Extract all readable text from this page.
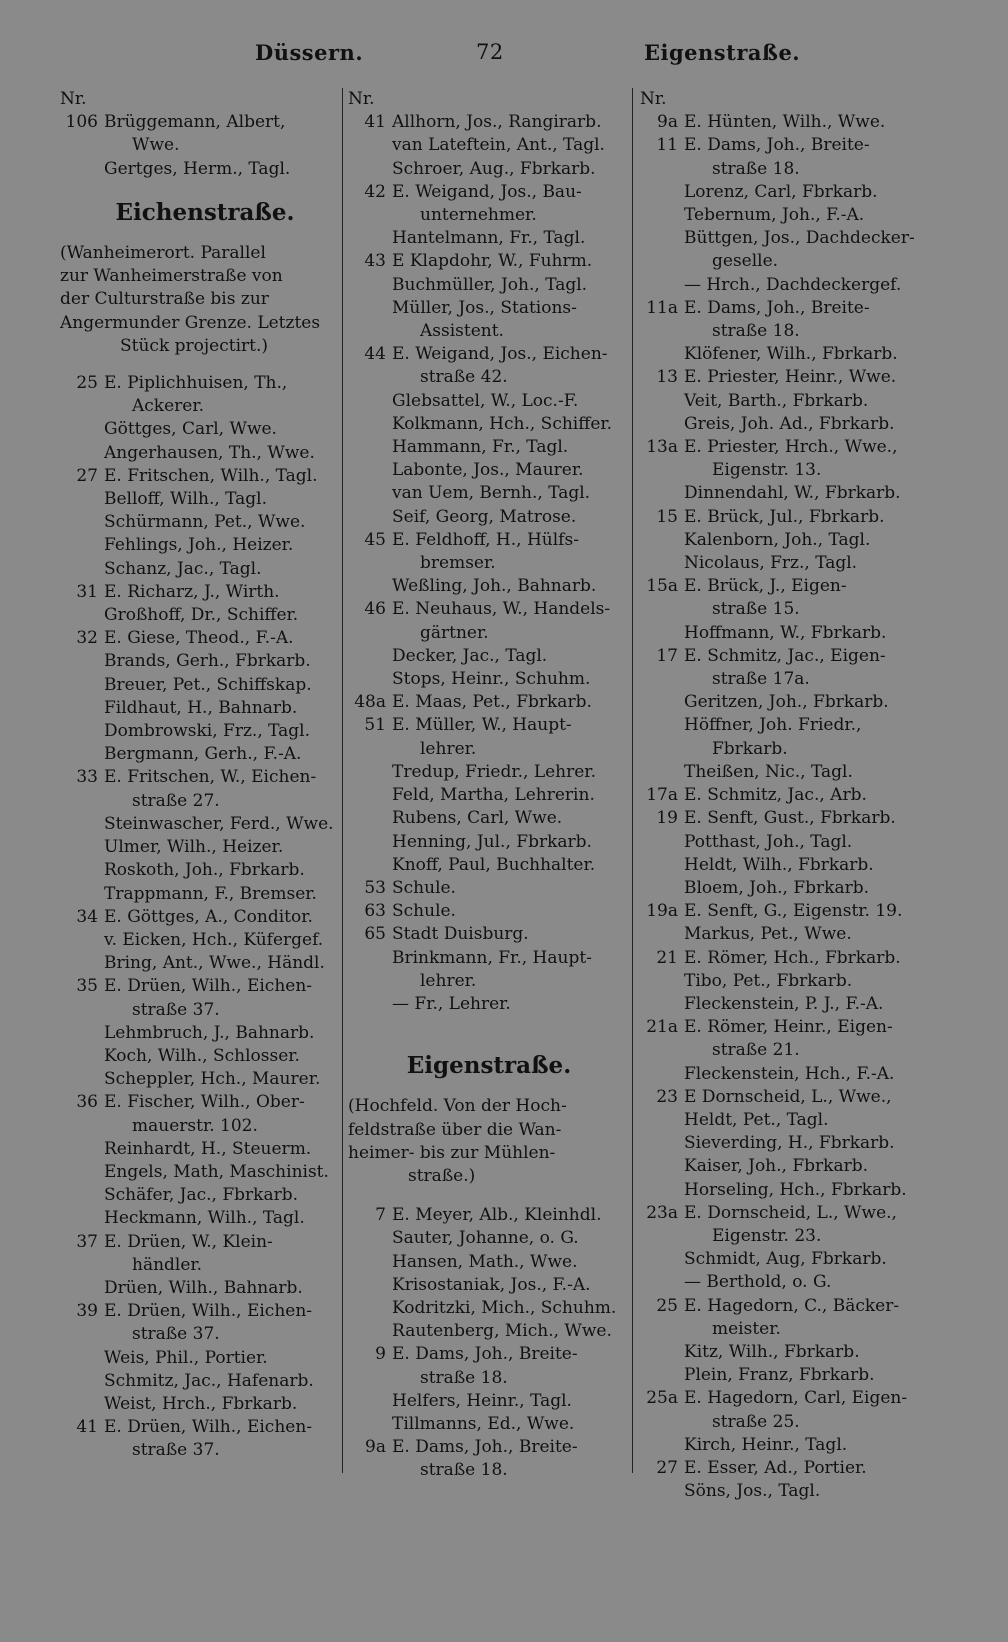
Düssern.	72	Eigenstraße.
Nr.
106 Brüggemann, Albert,
Wwe.
Gertges, Herm., Tagl.
Eichenstraße.
(Wanheimerort. Parallel
zur Wanheimerstraße von
der Culturstraße bis zur
Angermunder Grenze. Letztes
Stück projectirt.)
25 E. Piplichhuisen, Th.,
Ackerer.
Göttges, Carl, Wwe.
Angerhausen, Th., Wwe.
27 E. Fritschen, Wilh., Tagl.
Belloff, Wilh., Tagl.
Schürmann, Pet., Wwe.
Fehlings, Joh., Heizer.
Schanz, Jac., Tagl.
31 E. Richarz, J., Wirth.
Großhoff, Dr., Schiffer.
32 E. Giese, Theod., F.-A.
Brands, Gerh., Fbrkarb.
Breuer, Pet., Schiffskap.
Fildhaut, H., Bahnarb.
Dombrowski, Frz., Tagl.
Bergmann, Gerh., F.-A.
33 E. Fritschen, W., Eichen-
straße 27.
Steinwascher, Ferd., Wwe.
Ulmer, Wilh., Heizer.
Roskoth, Joh., Fbrkarb.
Trappmann, F., Bremser.
34 E. Göttges, A., Conditor.
v. Eicken, Hch., Küfergef.
Bring, Ant., Wwe., Händl.
35 E. Drüen, Wilh., Eichen-
straße 37.
Lehmbruch, J., Bahnarb.
Koch, Wilh., Schlosser.
Scheppler, Hch., Maurer.
36 E. Fischer, Wilh., Ober-
mauerstr. 102.
Reinhardt, H., Steuerm.
Engels, Math, Maschinist.
Schäfer, Jac., Fbrkarb.
Heckmann, Wilh., Tagl.
37 E. Drüen, W., Klein-
händler.
Drüen, Wilh., Bahnarb.
39 E. Drüen, Wilh., Eichen-
straße 37.
Weis, Phil., Portier.
Schmitz, Jac., Hafenarb.
Weist, Hrch., Fbrkarb.
41 E. Drüen, Wilh., Eichen-
straße 37.
Nr.
41 Allhorn, Jos., Rangirarb.
van Lateftein, Ant., Tagl.
Schroer, Aug., Fbrkarb.
42 E. Weigand, Jos., Bau-
unternehmer.
Hantelmann, Fr., Tagl.
43 E Klapdohr, W., Fuhrm.
Buchmüller, Joh., Tagl.
Müller, Jos., Stations-
Assistent.
44 E. Weigand, Jos., Eichen-
straße 42.
Glebsattel, W., Loc.-F.
Kolkmann, Hch., Schiffer.
Hammann, Fr., Tagl.
Labonte, Jos., Maurer.
van Uem, Bernh., Tagl.
Seif, Georg, Matrose.
45 E. Feldhoff, H., Hülfs-
bremser.
Weßling, Joh., Bahnarb.
46 E. Neuhaus, W., Handels-
gärtner.
Decker, Jac., Tagl.
Stops, Heinr., Schuhm.
48a E. Maas, Pet., Fbrkarb.
51 E. Müller, W., Haupt-
lehrer.
Tredup, Friedr., Lehrer.
Feld, Martha, Lehrerin.
Rubens, Carl, Wwe.
Henning, Jul., Fbrkarb.
Knoff, Paul, Buchhalter.
53 Schule.
63 Schule.
65 Stadt Duisburg.
Brinkmann, Fr., Haupt-
lehrer.
— Fr., Lehrer.
Eigenstraße.
(Hochfeld. Von der Hoch-
feldstraße über die Wan-
heimer- bis zur Mühlen-
straße.)
7 E. Meyer, Alb., Kleinhdl.
Sauter, Johanne, o. G.
Hansen, Math., Wwe.
Krisostaniak, Jos., F.-A.
Kodritzki, Mich., Schuhm.
Rautenberg, Mich., Wwe.
9 E. Dams, Joh., Breite-
straße 18.
Helfers, Heinr., Tagl.
Tillmanns, Ed., Wwe.
9a E. Dams, Joh., Breite-
straße 18.
Nr.
9a E. Hünten, Wilh., Wwe.
11 E. Dams, Joh., Breite-
straße 18.
Lorenz, Carl, Fbrkarb.
Tebernum, Joh., F.-A.
Büttgen, Jos., Dachdecker-
geselle.
— Hrch., Dachdeckergef.
11a E. Dams, Joh., Breite-
straße 18.
Klöfener, Wilh., Fbrkarb.
13 E. Priester, Heinr., Wwe.
Veit, Barth., Fbrkarb.
Greis, Joh. Ad., Fbrkarb.
13a E. Priester, Hrch., Wwe.,
Eigenstr. 13.
Dinnendahl, W., Fbrkarb.
15 E. Brück, Jul., Fbrkarb.
Kalenborn, Joh., Tagl.
Nicolaus, Frz., Tagl.
15a E. Brück, J., Eigen-
straße 15.
Hoffmann, W., Fbrkarb.
17 E. Schmitz, Jac., Eigen-
straße 17a.
Geritzen, Joh., Fbrkarb.
Höffner, Joh. Friedr.,
Fbrkarb.
Theißen, Nic., Tagl.
17a E. Schmitz, Jac., Arb.
19 E. Senft, Gust., Fbrkarb.
Potthast, Joh., Tagl.
Heldt, Wilh., Fbrkarb.
Bloem, Joh., Fbrkarb.
19a E. Senft, G., Eigenstr. 19.
Markus, Pet., Wwe.
21 E. Römer, Hch., Fbrkarb.
Tibo, Pet., Fbrkarb.
Fleckenstein, P. J., F.-A.
21a E. Römer, Heinr., Eigen-
straße 21.
Fleckenstein, Hch., F.-A.
23 E Dornscheid, L., Wwe.,
Heldt, Pet., Tagl.
Sieverding, H., Fbrkarb.
Kaiser, Joh., Fbrkarb.
Horseling, Hch., Fbrkarb.
23a E. Dornscheid, L., Wwe.,
Eigenstr. 23.
Schmidt, Aug, Fbrkarb.
— Berthold, o. G.
25 E. Hagedorn, C., Bäcker-
meister.
Kitz, Wilh., Fbrkarb.
Plein, Franz, Fbrkarb.
25a E. Hagedorn, Carl, Eigen-
straße 25.
Kirch, Heinr., Tagl.
27 E. Esser, Ad., Portier.
Söns, Jos., Tagl.
